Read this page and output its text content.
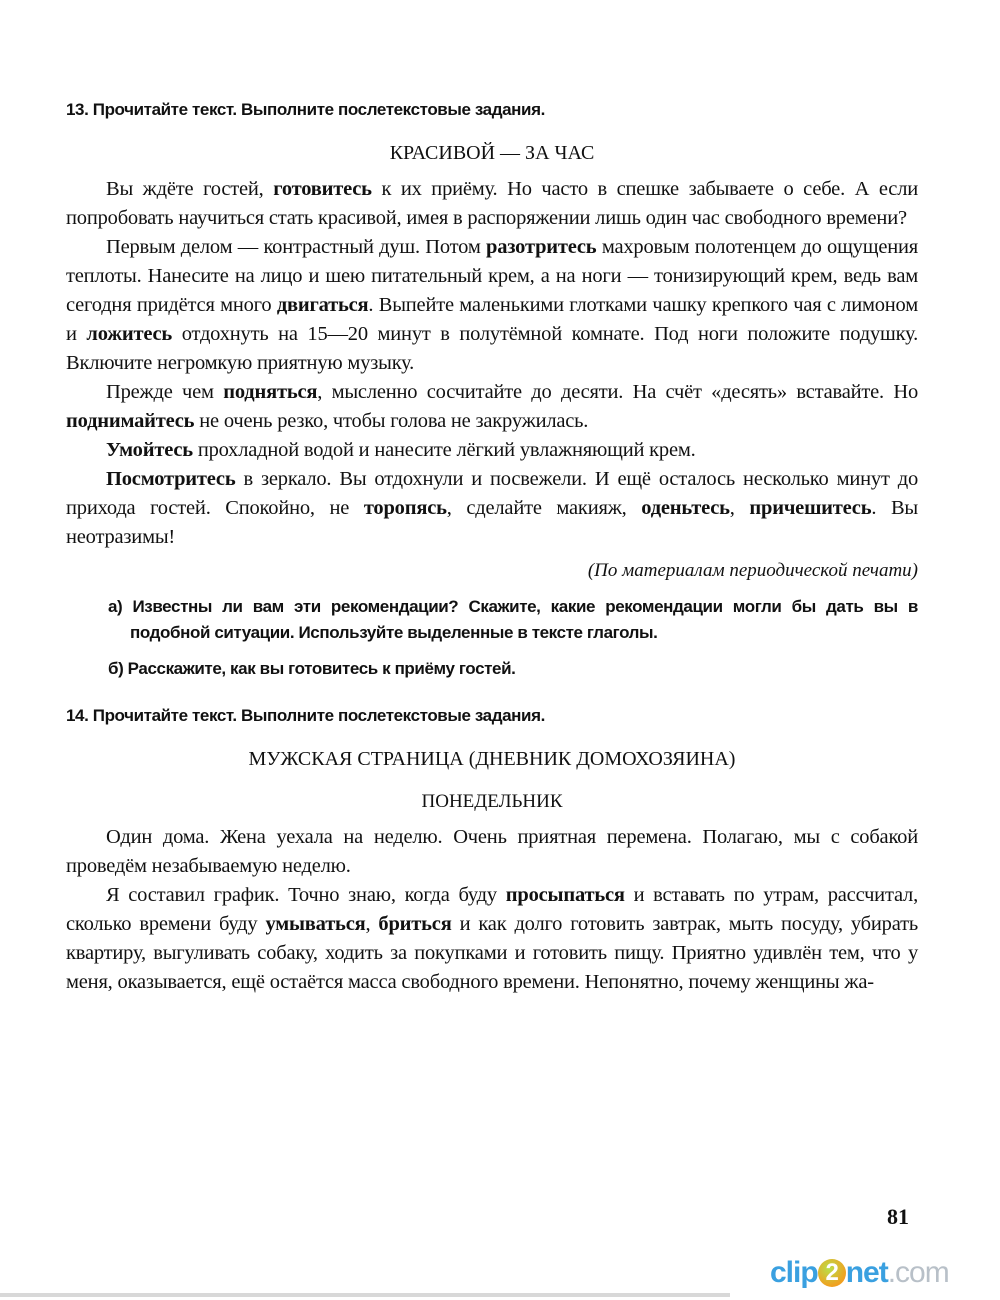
13. Прочитайте текст. Выполните послетекстовые задания.

КРАСИВОЙ — ЗА ЧАС

Вы ждёте гостей, готовитесь к их приёму. Но часто в спешке забываете о себе. А если попробовать научиться стать красивой, имея в распоряжении лишь один час свободного времени?

Первым делом — контрастный душ. Потом разотритесь махровым полотенцем до ощущения теплоты. Нанесите на лицо и шею питательный крем, а на ноги — тонизирующий крем, ведь вам сегодня придётся много двигаться. Выпейте маленькими глотками чашку крепкого чая с лимоном и ложитесь отдохнуть на 15—20 минут в полутёмной комнате. Под ноги положите подушку. Включите негромкую приятную музыку.

Прежде чем подняться, мысленно сосчитайте до десяти. На счёт «десять» вставайте. Но поднимайтесь не очень резко, чтобы голова не закружилась.

Умойтесь прохладной водой и нанесите лёгкий увлажняющий крем.

Посмотритесь в зеркало. Вы отдохнули и посвежели. И ещё осталось несколько минут до прихода гостей. Спокойно, не торопясь, сделайте макияж, оденьтесь, причешитесь. Вы неотразимы!

(По материалам периодической печати)

а) Известны ли вам эти рекомендации? Скажите, какие рекомендации могли бы дать вы в подобной ситуации. Используйте выделенные в тексте глаголы.

б) Расскажите, как вы готовитесь к приёму гостей.

14. Прочитайте текст. Выполните послетекстовые задания.

МУЖСКАЯ СТРАНИЦА (ДНЕВНИК ДОМОХОЗЯИНА)

ПОНЕДЕЛЬНИК

Один дома. Жена уехала на неделю. Очень приятная перемена. Полагаю, мы с собакой проведём незабываемую неделю.

Я составил график. Точно знаю, когда буду просыпаться и вставать по утрам, рассчитал, сколько времени буду умываться, бриться и как долго готовить завтрак, мыть посуду, убирать квартиру, выгуливать собаку, ходить за покупками и готовить пищу. Приятно удивлён тем, что у меня, оказывается, ещё остаётся масса свободного времени. Непонятно, почему женщины жа-

81
clip 2 net.com
